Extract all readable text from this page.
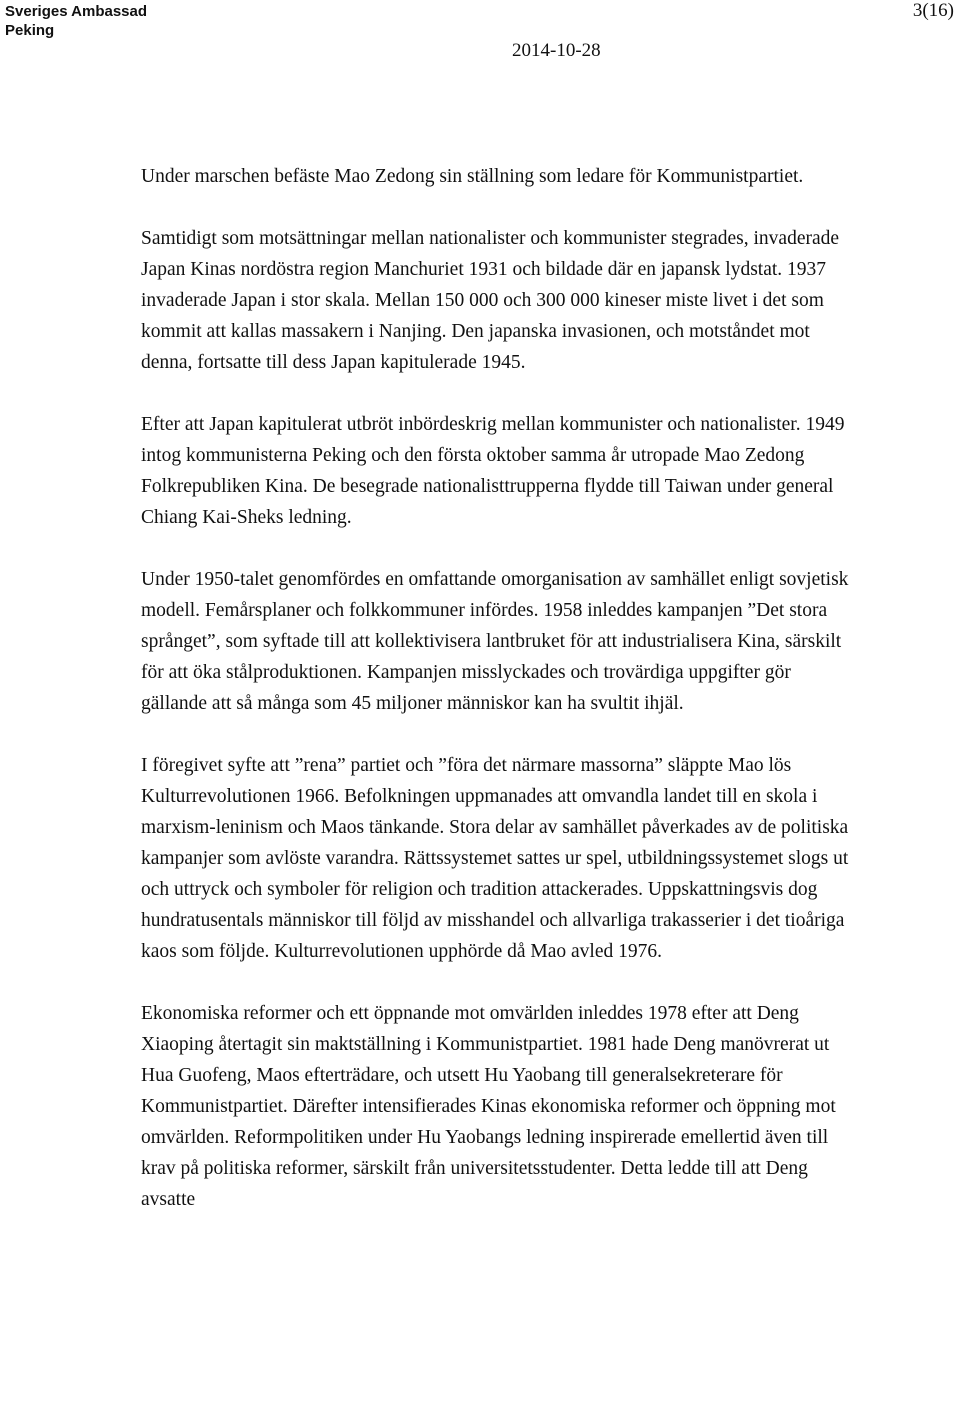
Sveriges Ambassad
Peking
3(16)
2014-10-28

Under marschen befäste Mao Zedong sin ställning som ledare för Kommunistpartiet.

Samtidigt som motsättningar mellan nationalister och kommunister stegrades, invaderade Japan Kinas nordöstra region Manchuriet 1931 och bildade där en japansk lydstat. 1937 invaderade Japan i stor skala. Mellan 150 000 och 300 000 kineser miste livet i det som kommit att kallas massakern i Nanjing. Den japanska invasionen, och motståndet mot denna, fortsatte till dess Japan kapitulerade 1945.

Efter att Japan kapitulerat utbröt inbördeskrig mellan kommunister och nationalister. 1949 intog kommunisterna Peking och den första oktober samma år utropade Mao Zedong Folkrepubliken Kina. De besegrade nationalisttrupperna flydde till Taiwan under general Chiang Kai-Sheks ledning.

Under 1950-talet genomfördes en omfattande omorganisation av samhället enligt sovjetisk modell. Femårsplaner och folkkommuner infördes. 1958 inleddes kampanjen ”Det stora språnget”, som syftade till att kollektivisera lantbruket för att industrialisera Kina, särskilt för att öka stålproduktionen. Kampanjen misslyckades och trovärdiga uppgifter gör gällande att så många som 45 miljoner människor kan ha svultit ihjäl.

I föregivet syfte att ”rena” partiet och ”föra det närmare massorna” släppte Mao lös Kulturrevolutionen 1966. Befolkningen uppmanades att omvandla landet till en skola i marxism-leninism och Maos tänkande. Stora delar av samhället påverkades av de politiska kampanjer som avlöste varandra. Rättssystemet sattes ur spel, utbildningssystemet slogs ut och uttryck och symboler för religion och tradition attackerades. Uppskattningsvis dog hundratusentals människor till följd av misshandel och allvarliga trakasserier i det tioåriga kaos som följde. Kulturrevolutionen upphörde då Mao avled 1976.

Ekonomiska reformer och ett öppnande mot omvärlden inleddes 1978 efter att Deng Xiaoping återtagit sin maktställning i Kommunistpartiet. 1981 hade Deng manövrerat ut Hua Guofeng, Maos efterträdare, och utsett Hu Yaobang till generalsekreterare för Kommunistpartiet. Därefter intensifierades Kinas ekonomiska reformer och öppning mot omvärlden. Reformpolitiken under Hu Yaobangs ledning inspirerade emellertid även till krav på politiska reformer, särskilt från universitetsstudenter. Detta ledde till att Deng avsatte
